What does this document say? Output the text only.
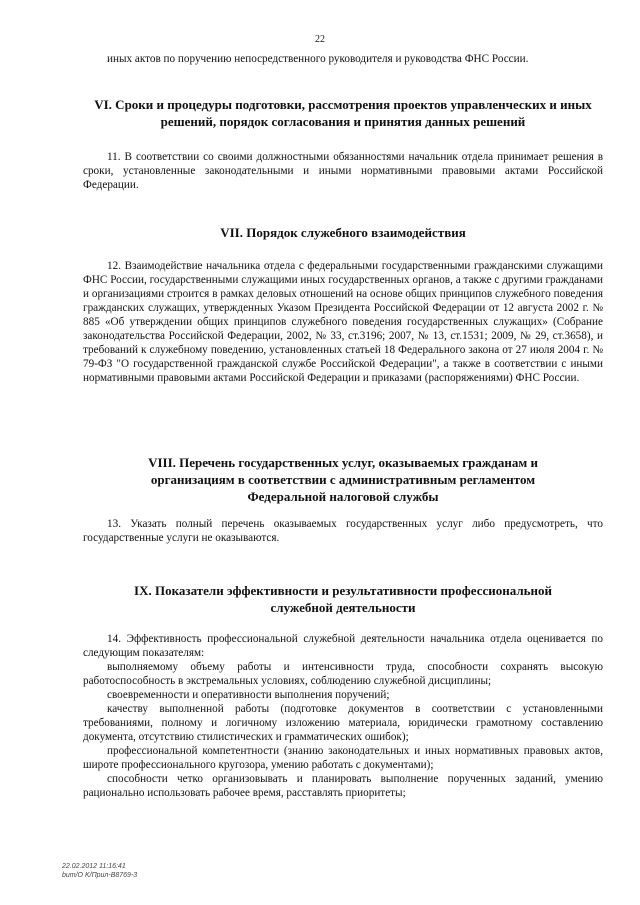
22

иных актов по поручению непосредственного руководителя и руководства ФНС России.

VI. Сроки и процедуры подготовки, рассмотрения проектов управленческих и иных решений, порядок согласования и принятия данных решений

11. В соответствии со своими должностными обязанностями начальник отдела принимает решения в сроки, установленные законодательными и иными нормативными правовыми актами Российской Федерации.

VII. Порядок служебного взаимодействия

12. Взаимодействие начальника отдела с федеральными государственными гражданскими служащими ФНС России, государственными служащими иных государственных органов, а также с другими гражданами и организациями строится в рамках деловых отношений на основе общих принципов служебного поведения гражданских служащих, утвержденных Указом Президента Российской Федерации от 12 августа 2002 г. № 885 «Об утверждении общих принципов служебного поведения государственных служащих» (Собрание законодательства Российской Федерации, 2002, № 33, ст.3196; 2007, № 13, ст.1531; 2009, № 29, ст.3658), и требований к служебному поведению, установленных статьей 18 Федерального закона от 27 июля 2004 г. № 79-ФЗ "О государственной гражданской службе Российской Федерации", а также в соответствии с иными нормативными правовыми актами Российской Федерации и приказами (распоряжениями) ФНС России.

VIII. Перечень государственных услуг, оказываемых гражданам и организациям в соответствии с административным регламентом Федеральной налоговой службы

13. Указать полный перечень оказываемых государственных услуг либо предусмотреть, что государственные услуги не оказываются.

IX. Показатели эффективности и результативности профессиональной служебной деятельности

14. Эффективность профессиональной служебной деятельности начальника отдела оценивается по следующим показателям:

выполняемому объему работы и интенсивности труда, способности сохранять высокую работоспособность в экстремальных условиях, соблюдению служебной дисциплины;

своевременности и оперативности выполнения поручений;

качеству выполненной работы (подготовке документов в соответствии с установленными требованиями, полному и логичному изложению материала, юридически грамотному составлению документа, отсутствию стилистических и грамматических ошибок);

профессиональной компетентности (знанию законодательных и иных нормативных правовых актов, широте профессионального кругозора, умению работать с документами);

способности четко организовывать и планировать выполнение порученных заданий, умению рационально использовать рабочее время, расставлять приоритеты;

22.02.2012 11:16:41
bum/O K/Прил-В8769-3
